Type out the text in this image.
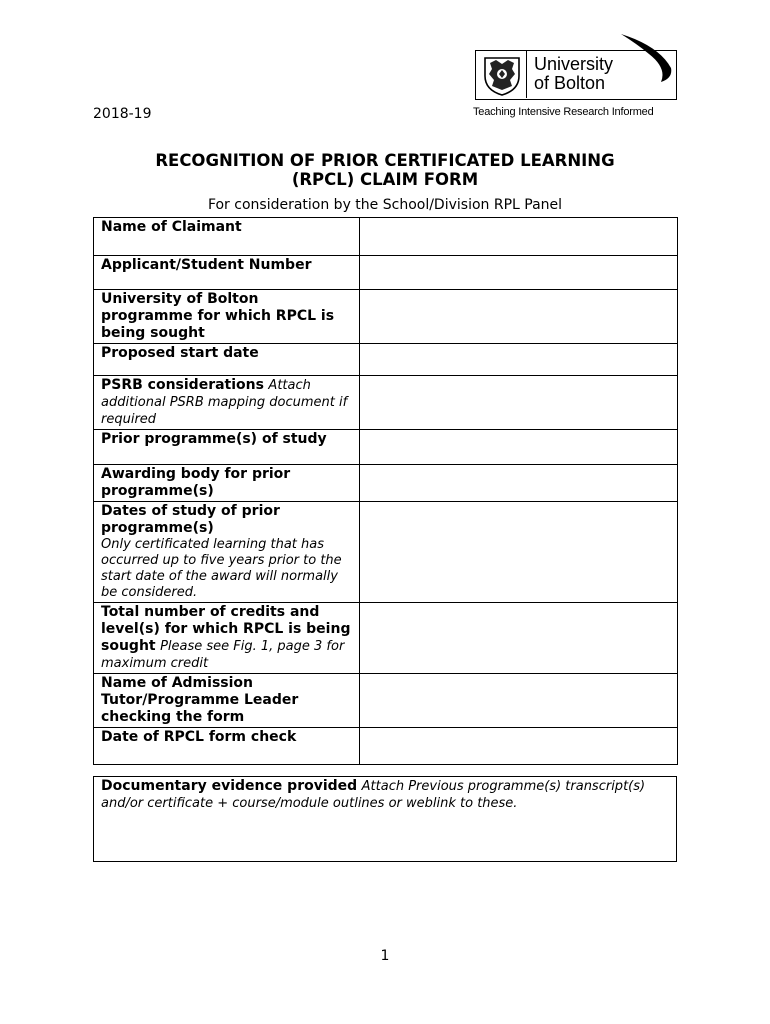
2018-19
University
of Bolton
Teaching Intensive Research Informed
RECOGNITION OF PRIOR CERTIFICATED LEARNING
(RPCL) CLAIM FORM
For consideration by the School/Division RPL Panel
Name of Claimant	
Applicant/Student Number	
University of Bolton programme for which RPCL is being sought	
Proposed start date	
PSRB considerations Attach additional PSRB mapping document if required	
Prior programme(s) of study	
Awarding body for prior programme(s)	

Dates of study of prior programme(s)
Only certificated learning that has occurred up to five years prior to the start date of the award will normally be considered.	

Total number of credits and level(s) for which RPCL is being sought Please see Fig. 1, page 3 for maximum credit	
Name of Admission Tutor/Programme Leader checking the form	
Date of RPCL form check	
Documentary evidence provided Attach Previous programme(s) transcript(s) and/or certificate + course/module outlines or weblink to these.
1
